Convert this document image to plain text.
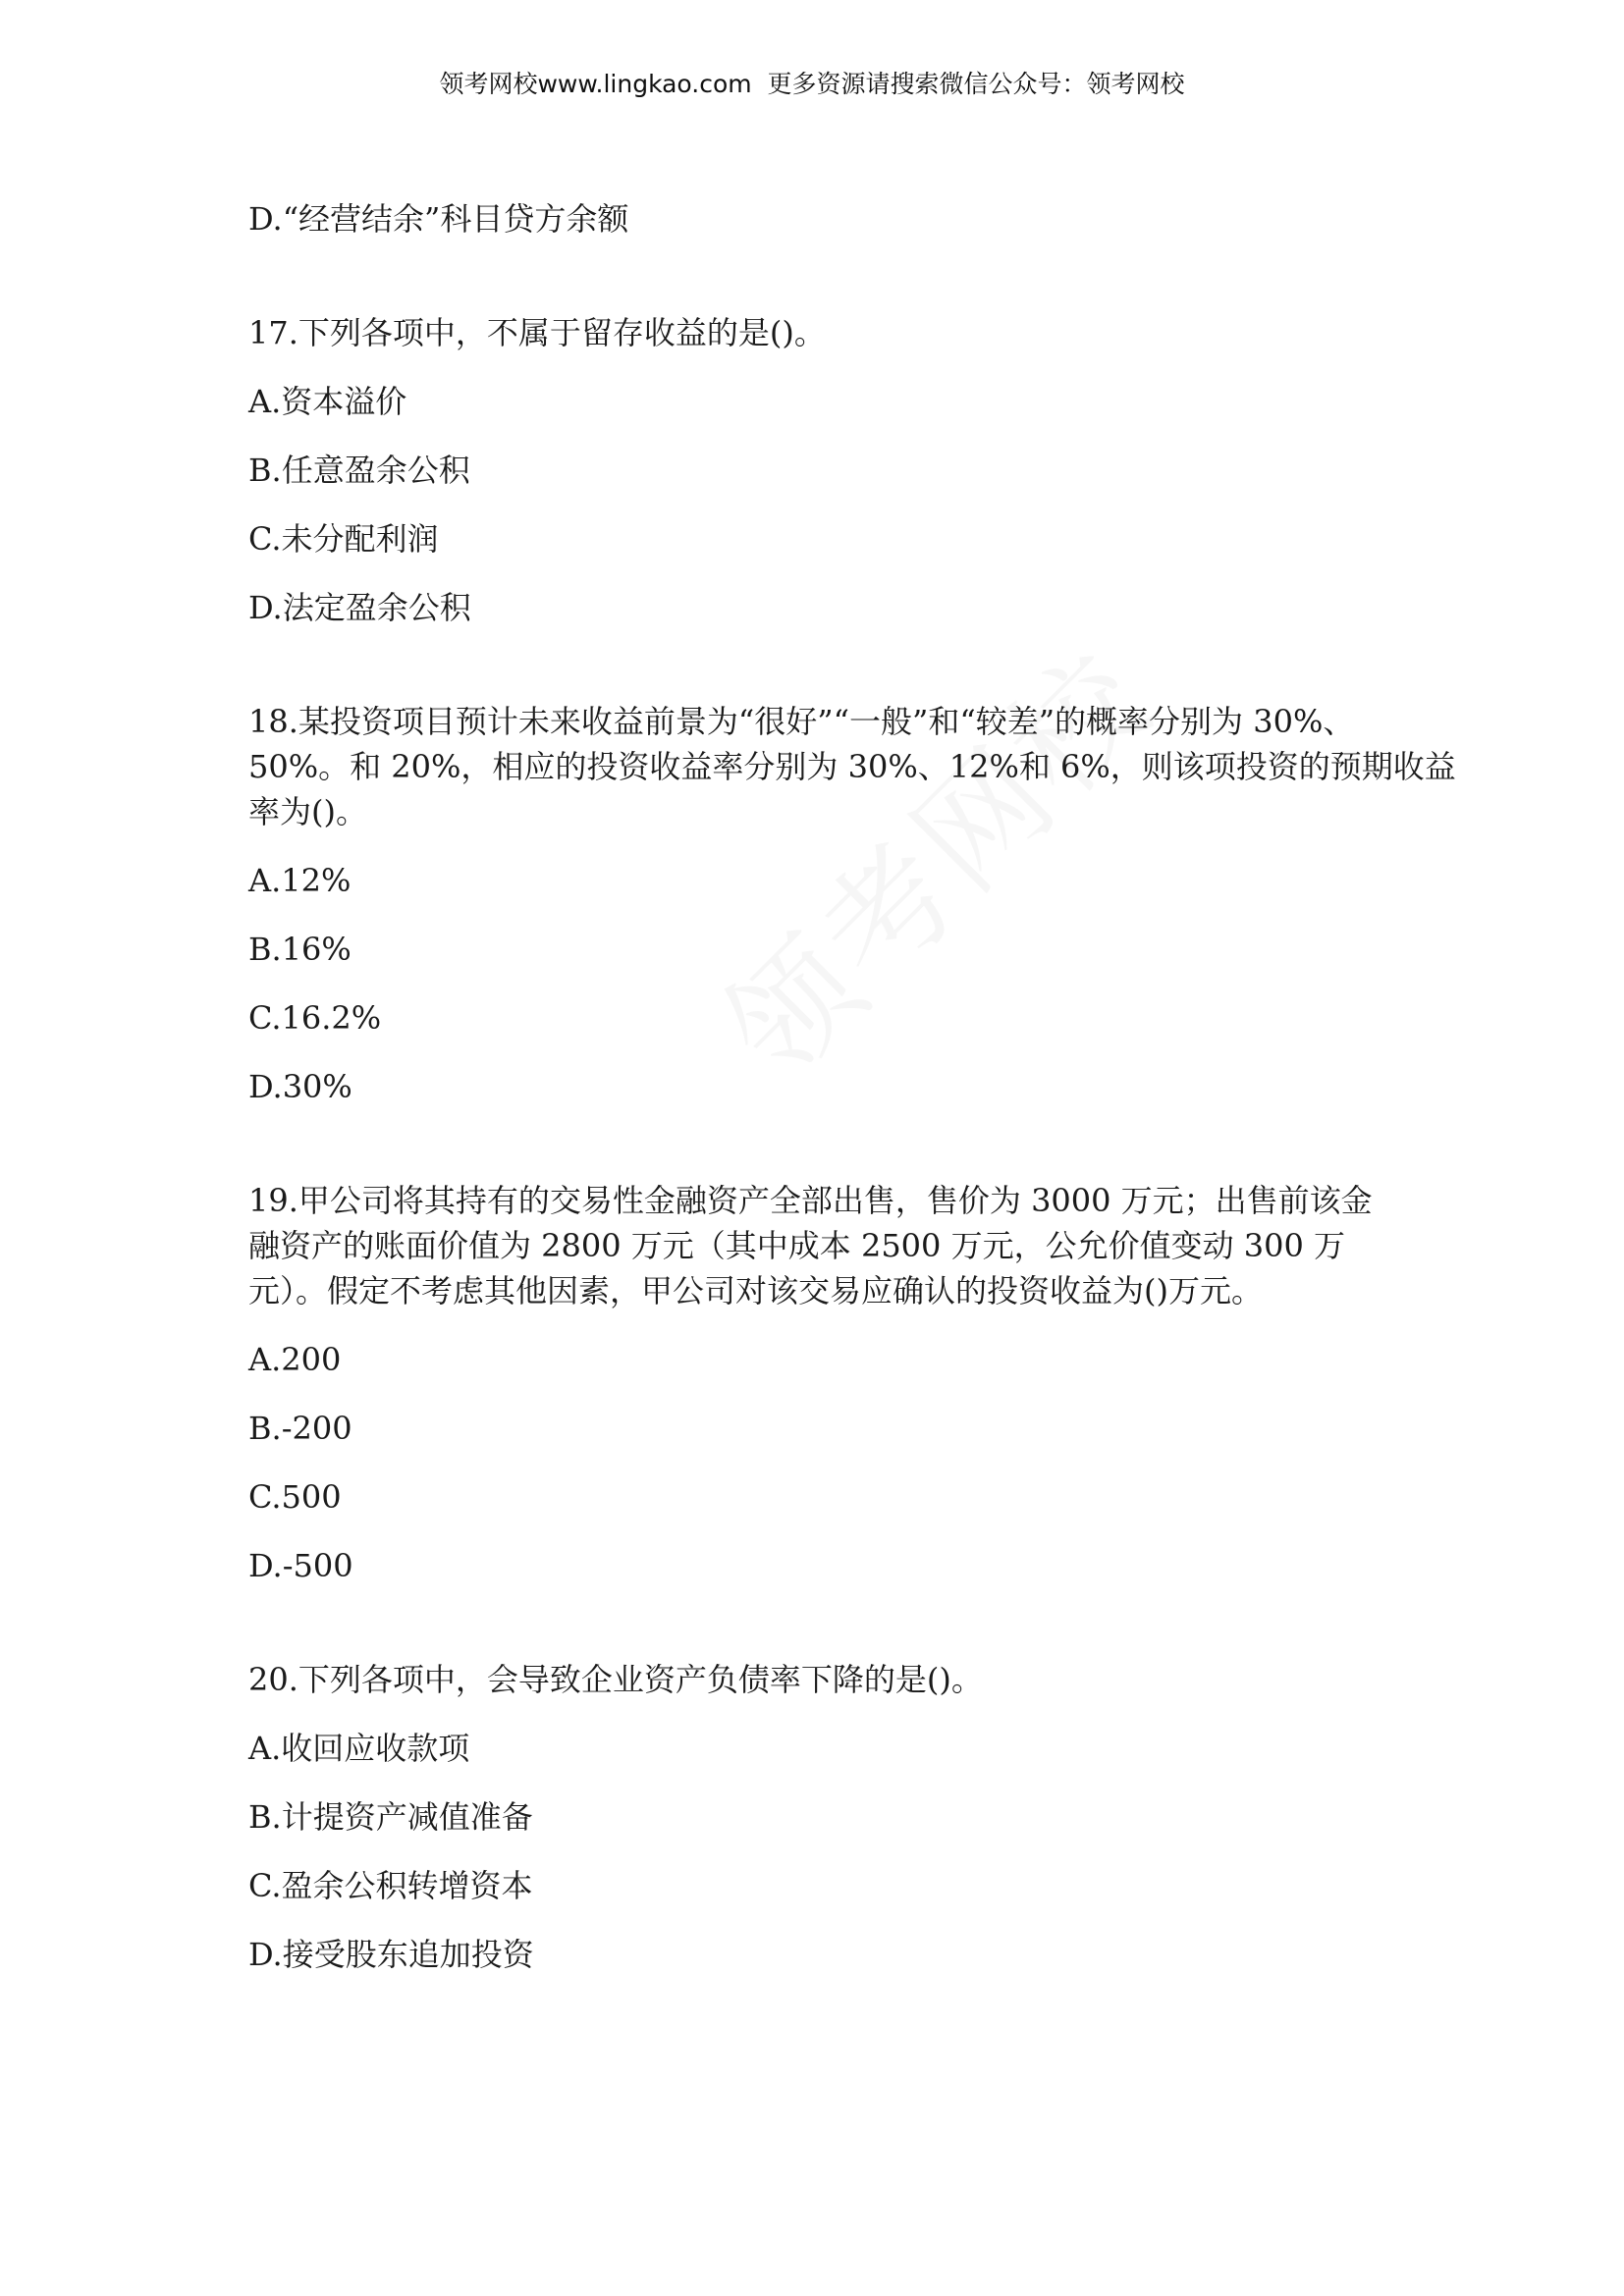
领考网校www.lingkao.com  更多资源请搜索微信公众号：领考网校
D.“经营结余”科目贷方余额
17.下列各项中，不属于留存收益的是()。
A.资本溢价
B.任意盈余公积
C.未分配利润
D.法定盈余公积
18.某投资项目预计未来收益前景为“很好”“一般”和“较差”的概率分别为 30%、
50%。和 20%，相应的投资收益率分别为 30%、12%和 6%，则该项投资的预期收益
率为()。
A.12%
B.16%
C.16.2%
D.30%
19.甲公司将其持有的交易性金融资产全部出售，售价为 3000 万元；出售前该金
融资产的账面价值为 2800 万元（其中成本 2500 万元，公允价值变动 300 万
元）。假定不考虑其他因素，甲公司对该交易应确认的投资收益为()万元。
A.200
B.-200
C.500
D.-500
20.下列各项中，会导致企业资产负债率下降的是()。
A.收回应收款项
B.计提资产减值准备
C.盈余公积转增资本
D.接受股东追加投资
